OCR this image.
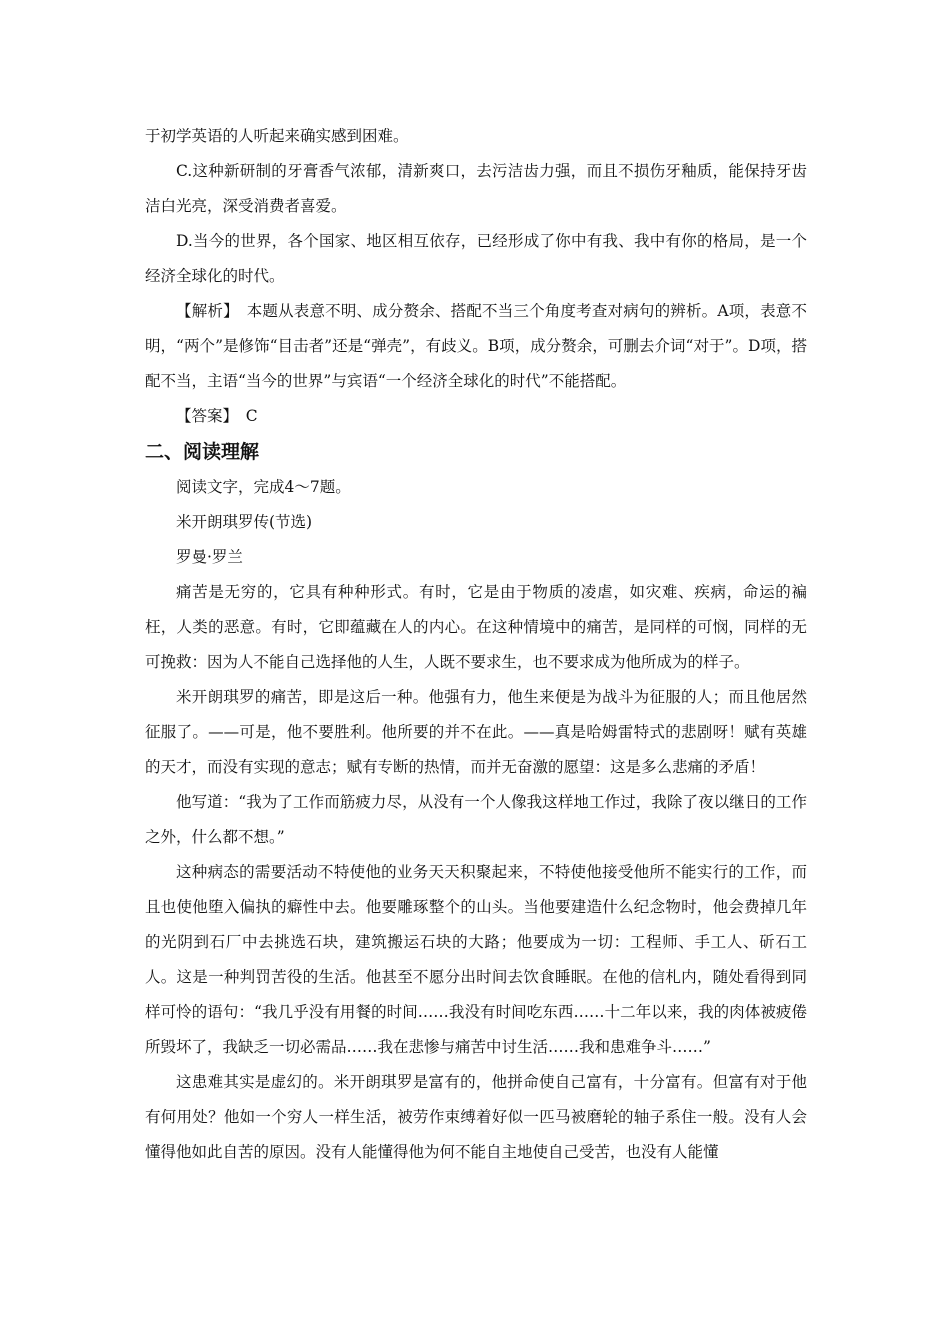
于初学英语的人听起来确实感到困难。

C.这种新研制的牙膏香气浓郁，清新爽口，去污洁齿力强，而且不损伤牙釉质，能保持牙齿洁白光亮，深受消费者喜爱。

D.当今的世界，各个国家、地区相互依存，已经形成了你中有我、我中有你的格局，是一个经济全球化的时代。

【解析】　本题从表意不明、成分赘余、搭配不当三个角度考查对病句的辨析。A项，表意不明，“两个”是修饰“目击者”还是“弹壳”，有歧义。B项，成分赘余，可删去介词“对于”。D项，搭配不当，主语“当今的世界”与宾语“一个经济全球化的时代”不能搭配。

【答案】　C

二、阅读理解

阅读文字，完成4～7题。

米开朗琪罗传(节选)

罗曼·罗兰

痛苦是无穷的，它具有种种形式。有时，它是由于物质的凌虐，如灾难、疾病，命运的褊枉，人类的恶意。有时，它即蕴藏在人的内心。在这种情境中的痛苦，是同样的可悯，同样的无可挽救：因为人不能自己选择他的人生，人既不要求生，也不要求成为他所成为的样子。

米开朗琪罗的痛苦，即是这后一种。他强有力，他生来便是为战斗为征服的人；而且他居然征服了。——可是，他不要胜利。他所要的并不在此。——真是哈姆雷特式的悲剧呀！赋有英雄的天才，而没有实现的意志；赋有专断的热情，而并无奋激的愿望：这是多么悲痛的矛盾！

他写道：“我为了工作而筋疲力尽，从没有一个人像我这样地工作过，我除了夜以继日的工作之外，什么都不想。”

这种病态的需要活动不特使他的业务天天积聚起来，不特使他接受他所不能实行的工作，而且也使他堕入偏执的癖性中去。他要雕琢整个的山头。当他要建造什么纪念物时，他会费掉几年的光阴到石厂中去挑选石块，建筑搬运石块的大路；他要成为一切：工程师、手工人、斫石工人。这是一种判罚苦役的生活。他甚至不愿分出时间去饮食睡眠。在他的信札内，随处看得到同样可怜的语句：“我几乎没有用餐的时间……我没有时间吃东西……十二年以来，我的肉体被疲倦所毁坏了，我缺乏一切必需品……我在悲惨与痛苦中讨生活……我和患难争斗……”

这患难其实是虚幻的。米开朗琪罗是富有的，他拼命使自己富有，十分富有。但富有对于他有何用处？他如一个穷人一样生活，被劳作束缚着好似一匹马被磨轮的轴子系住一般。没有人会懂得他如此自苦的原因。没有人能懂得他为何不能自主地使自己受苦，也没有人能懂
